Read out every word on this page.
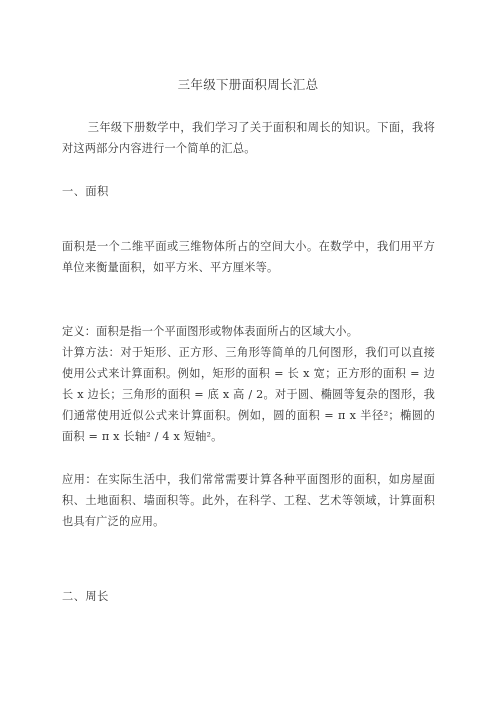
三年级下册面积周长汇总

三年级下册数学中，我们学习了关于面积和周长的知识。下面，我将对这两部分内容进行一个简单的汇总。

一、面积

面积是一个二维平面或三维物体所占的空间大小。在数学中，我们用平方单位来衡量面积，如平方米、平方厘米等。

定义：面积是指一个平面图形或物体表面所占的区域大小。

计算方法：对于矩形、正方形、三角形等简单的几何图形，我们可以直接使用公式来计算面积。例如，矩形的面积 = 长 x 宽；正方形的面积 = 边长 x 边长；三角形的面积 = 底 x 高 / 2。对于圆、椭圆等复杂的图形，我们通常使用近似公式来计算面积。例如，圆的面积 = π x 半径²；椭圆的面积 = π x 长轴² / 4 x 短轴²。

应用：在实际生活中，我们常常需要计算各种平面图形的面积，如房屋面积、土地面积、墙面积等。此外，在科学、工程、艺术等领域，计算面积也具有广泛的应用。

二、周长
